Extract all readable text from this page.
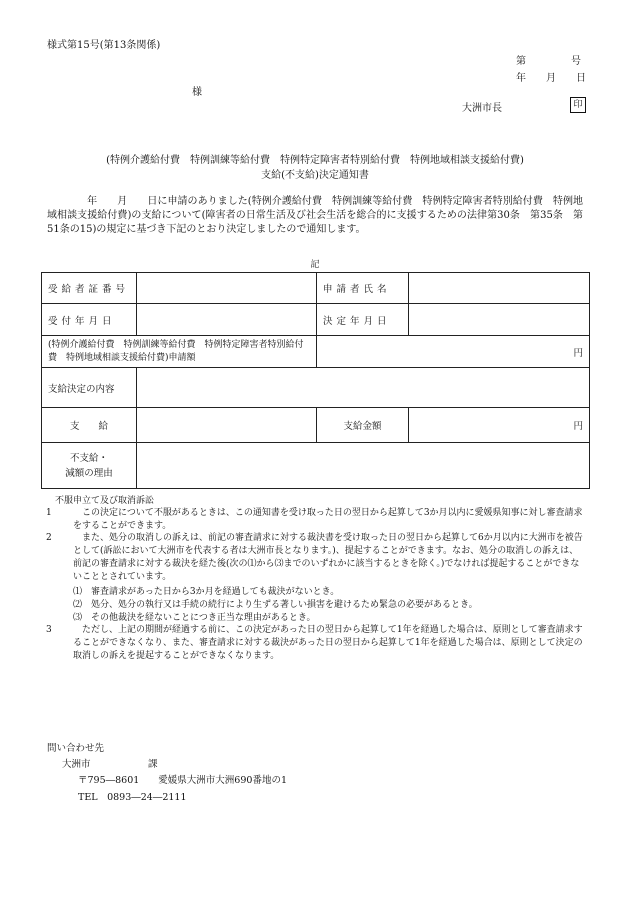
様式第15号(第13条関係)
第	号
年 月 日
様
大洲市長	印
(特例介護給付費　特例訓練等給付費　特例特定障害者特別給付費　特例地域相談支援給付費)
支給(不支給)決定通知書
　　　　年　　月　　日に申請のありました(特例介護給付費　特例訓練等給付費　特例特定障害者特別給付費　特例地域相談支援給付費)の支給について(障害者の日常生活及び社会生活を総合的に支援するための法律第30条　第35条　第51条の15)の規定に基づき下記のとおり決定しましたので通知します。
記
受給者証番号		申請者氏名	
受付年月日		決定年月日	
(特例介護給付費　特例訓練等給付費　特例特定障害者特別給付費　特例地域相談支援給付費)申請額		円	
支給決定の内容			
支　　給		支給金額	円

不支給・
減額の理由			

不服申立て及び取消訴訟
1 　この決定について不服があるときは、この通知書を受け取った日の翌日から起算して3か月以内に愛媛県知事に対し審査請求をすることができます。
2 　また、処分の取消しの訴えは、前記の審査請求に対する裁決書を受け取った日の翌日から起算して6か月以内に大洲市を被告として(訴訟において大洲市を代表する者は大洲市長となります。)、提起することができます。なお、処分の取消しの訴えは、前記の審査請求に対する裁決を経た後(次の⑴から⑶までのいずれかに該当するときを除く。)でなければ提起することができないこととされています。
⑴　審査請求があった日から3か月を経過しても裁決がないとき。
⑵　処分、処分の執行又は手続の続行により生ずる著しい損害を避けるため緊急の必要があるとき。
⑶　その他裁決を経ないことにつき正当な理由があるとき。
3 　ただし、上記の期間が経過する前に、この決定があった日の翌日から起算して1年を経過した場合は、原則として審査請求することができなくなり、また、審査請求に対する裁決があった日の翌日から起算して1年を経過した場合は、原則として決定の取消しの訴えを提起することができなくなります。
問い合わせ先
大洲市	課
〒795―8601　　愛媛県大洲市大洲690番地の1
TEL　0893―24―2111
